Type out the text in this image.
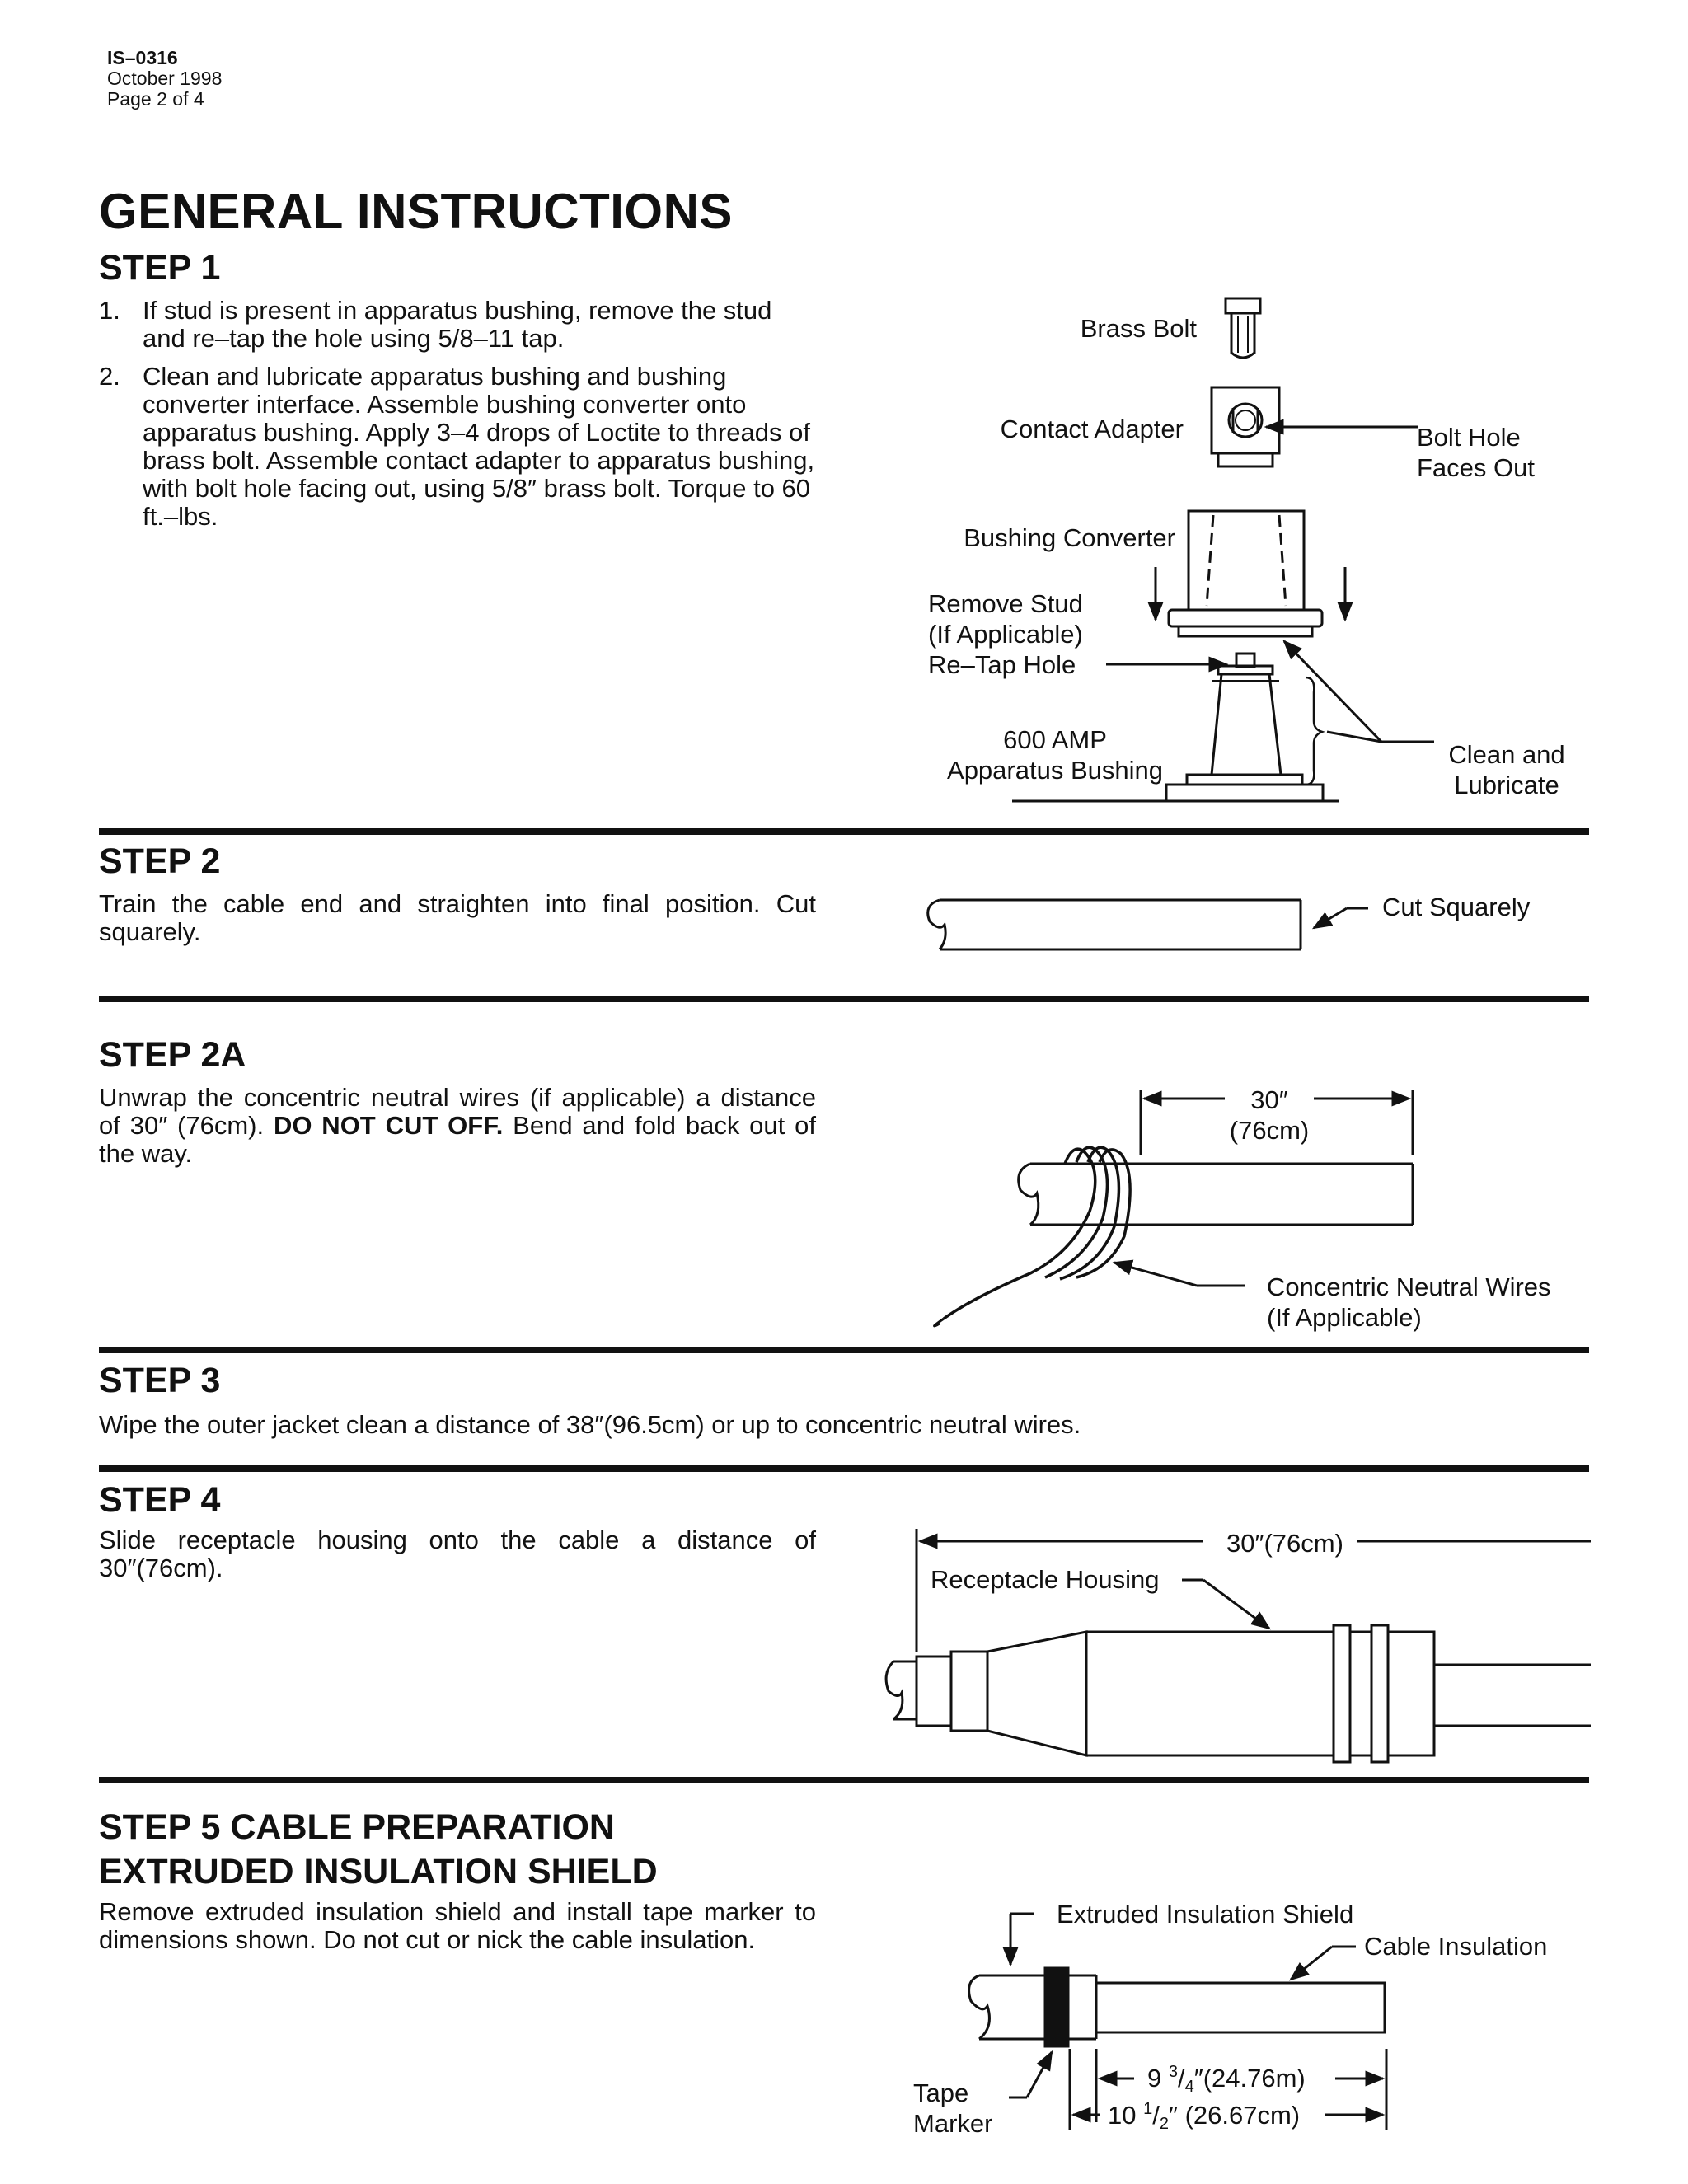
IS–0316
October 1998
Page 2 of 4
GENERAL INSTRUCTIONS
STEP 1
1. If stud is present in apparatus bushing, remove the stud and re–tap the hole using 5/8–11 tap.
2. Clean and lubricate apparatus bushing and bushing converter interface. Assemble bushing converter onto apparatus bushing. Apply 3–4 drops of Loctite to threads of brass bolt. Assemble contact adapter to apparatus bushing, with bolt hole facing out, using 5/8″ brass bolt. Torque to 60 ft.–lbs.
STEP 2
Train the cable end and straighten into final position. Cut squarely.
STEP 2A
Unwrap the concentric neutral wires (if applicable) a distance of 30″ (76cm). DO NOT CUT OFF. Bend and fold back out of the way.
STEP 3
Wipe the outer jacket clean a distance of 38″(96.5cm) or up to concentric neutral wires.
STEP 4
Slide receptacle housing onto the cable a distance of 30″(76cm).
STEP 5 CABLE PREPARATION
EXTRUDED INSULATION SHIELD
Remove extruded insulation shield and install tape marker to dimensions shown. Do not cut or nick the cable insulation.
Brass Bolt
Contact Adapter	Bolt Hole
Faces Out
Bushing Converter
Remove Stud
(If Applicable)
Re–Tap Hole
600 AMP
Apparatus Bushing
Clean and
Lubricate
Cut Squarely
30″
(76cm)
Concentric Neutral Wires
(If Applicable)
30″(76cm)
Receptacle Housing
Extruded Insulation Shield
Cable Insulation
Tape
Marker
9 $^3$/4″(24.76m)
10 $^1$/2″ (26.67cm)
